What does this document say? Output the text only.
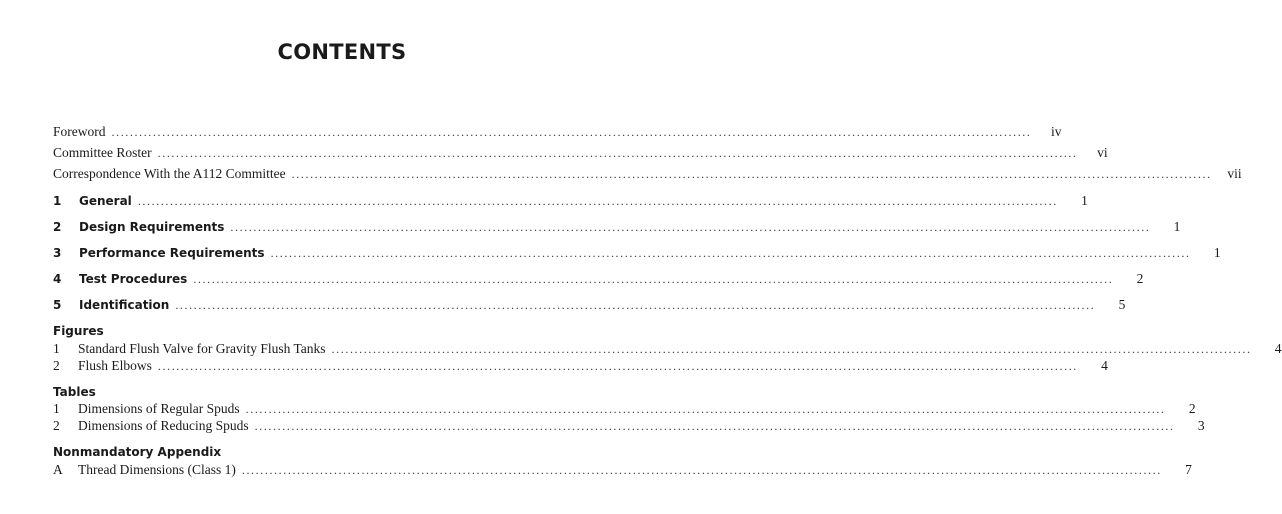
CONTENTS
Foreword ........................................................................................................................................................................................................	iv
Committee Roster ........................................................................................................................................................................................................	vi
Correspondence With the A112 Committee ........................................................................................................................................................................................................	vii
1	General ........................................................................................................................................................................................................	1
2	Design Requirements ........................................................................................................................................................................................................	1
3	Performance Requirements ........................................................................................................................................................................................................	1
4	Test Procedures ........................................................................................................................................................................................................	2
5	Identification ........................................................................................................................................................................................................	5
Figures
1	Standard Flush Valve for Gravity Flush Tanks ........................................................................................................................................................................................................	4
2	Flush Elbows ........................................................................................................................................................................................................	4
Tables
1	Dimensions of Regular Spuds ........................................................................................................................................................................................................	2
2	Dimensions of Reducing Spuds ........................................................................................................................................................................................................	3
Nonmandatory Appendix
A	Thread Dimensions (Class 1) ........................................................................................................................................................................................................	7
